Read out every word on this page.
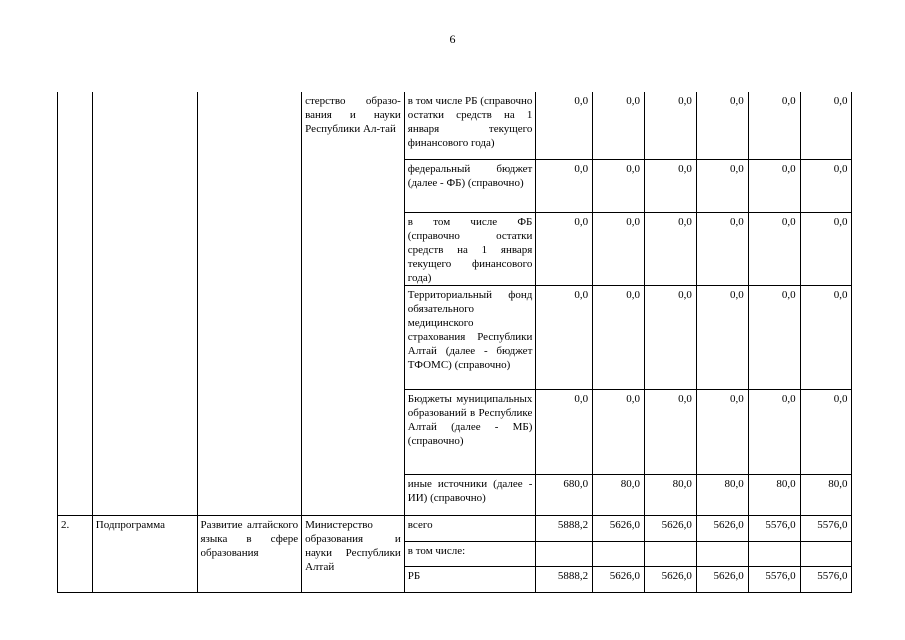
6
			стерство образо-вания и науки Республики Ал-тай	в том числе РБ (справочно остатки средств на 1 января текущего финансового года)	0,0	0,0	0,0	0,0	0,0	0,0
				федеральный бюджет (далее - ФБ) (справочно)	0,0	0,0	0,0	0,0	0,0	0,0
				в том числе ФБ (справочно остатки средств на 1 января текущего финансового года)	0,0	0,0	0,0	0,0	0,0	0,0
				Территориальный фонд обязательного медицинского страхования Республики Алтай (далее - бюджет ТФОМС) (справочно)	0,0	0,0	0,0	0,0	0,0	0,0
				Бюджеты муниципальных образований в Республике Алтай (далее - МБ) (справочно)	0,0	0,0	0,0	0,0	0,0	0,0
				иные источники (далее - ИИ) (справочно)	680,0	80,0	80,0	80,0	80,0	80,0
2.	Подпрограмма	Развитие алтайского языка в сфере образования	Министерство образования и науки Республики Алтай	всего	5888,2	5626,0	5626,0	5626,0	5576,0	5576,0
				в том числе:						
				РБ	5888,2	5626,0	5626,0	5626,0	5576,0	5576,0
